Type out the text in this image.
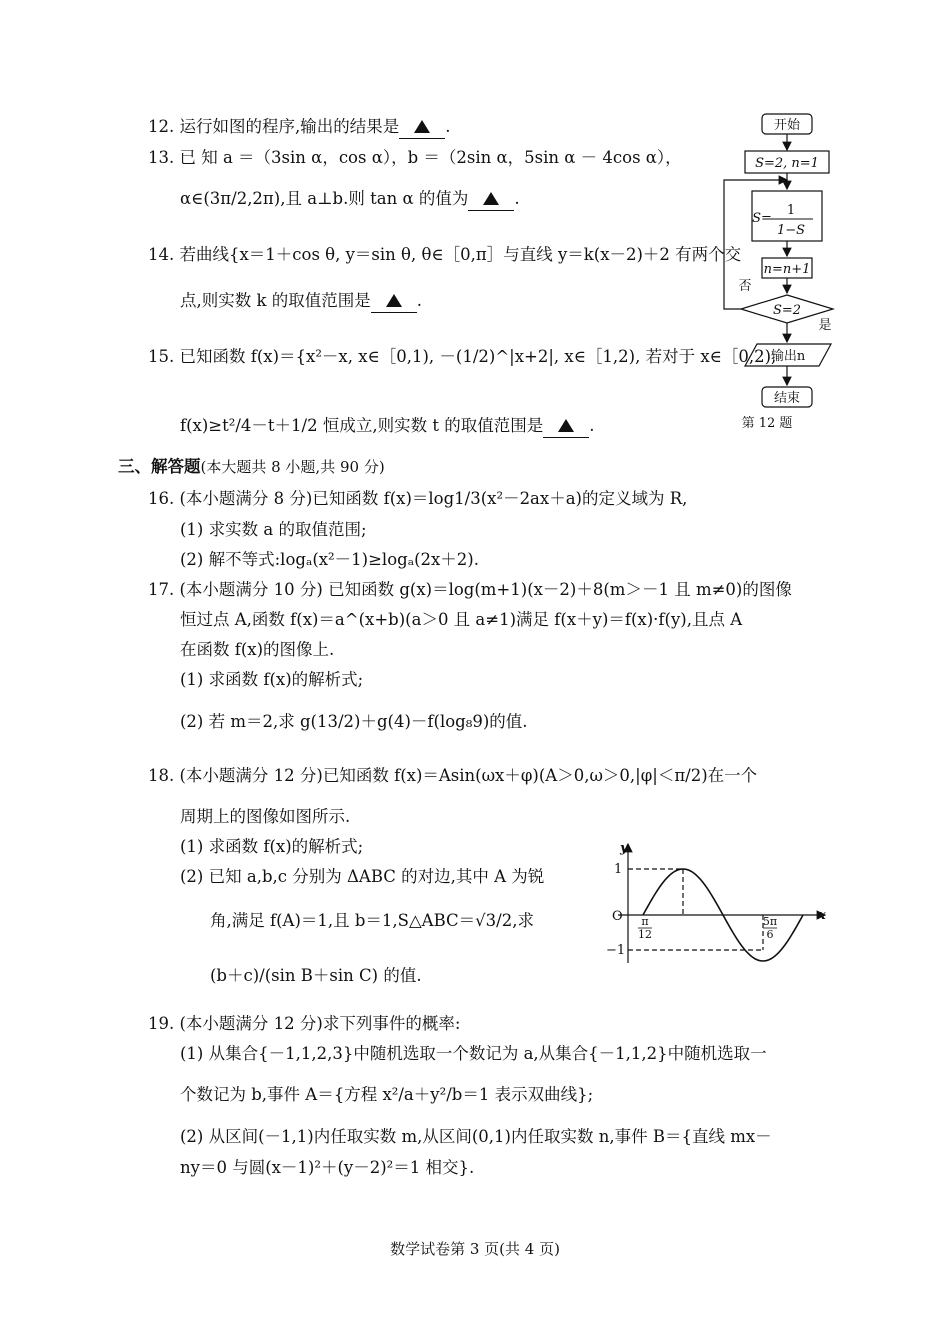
12. 运行如图的程序,输出的结果是	.
13. 已 知 a ＝（3sin α，cos α），b ＝（2sin α，5sin α － 4cos α），
α∈(3π/2,2π),且 a⊥b.则 tan α 的值为	.
14. 若曲线{x＝1＋cos θ, y＝sin θ, θ∈［0,π］与直线 y＝k(x－2)＋2 有两个交
点,则实数 k 的取值范围是	.
15. 已知函数 f(x)＝{x²－x, x∈［0,1), －(1/2)^|x+2|, x∈［1,2), 若对于 x∈［0,2),
f(x)≥t²/4－t＋1/2 恒成立,则实数 t 的取值范围是	.
三、解答题(本大题共 8 小题,共 90 分)
16. (本小题满分 8 分)已知函数 f(x)＝log1/3(x²－2ax＋a)的定义域为 R,
(1) 求实数 a 的取值范围;
(2) 解不等式:logₐ(x²－1)≥logₐ(2x＋2).
17. (本小题满分 10 分) 已知函数 g(x)＝log(m+1)(x－2)＋8(m＞－1 且 m≠0)的图像
恒过点 A,函数 f(x)＝a^(x+b)(a＞0 且 a≠1)满足 f(x＋y)＝f(x)·f(y),且点 A
在函数 f(x)的图像上.
(1) 求函数 f(x)的解析式;
(2) 若 m＝2,求 g(13/2)＋g(4)－f(log₈9)的值.
18. (本小题满分 12 分)已知函数 f(x)＝Asin(ωx＋φ)(A＞0,ω＞0,|φ|＜π/2)在一个
周期上的图像如图所示.
(1) 求函数 f(x)的解析式;
(2) 已知 a,b,c 分别为 ΔABC 的对边,其中 A 为锐
角,满足 f(A)＝1,且 b＝1,S△ABC＝√3/2,求
(b＋c)/(sin B＋sin C) 的值.
19. (本小题满分 12 分)求下列事件的概率:
(1) 从集合{－1,1,2,3}中随机选取一个数记为 a,从集合{－1,1,2}中随机选取一
个数记为 b,事件 A＝{方程 x²/a＋y²/b＝1 表示双曲线};
(2) 从区间(－1,1)内任取实数 m,从区间(0,1)内任取实数 n,事件 B＝{直线 mx－
ny＝0 与圆(x－1)²＋(y－2)²＝1 相交}.
数学试卷第 3 页(共 4 页)
开始
S=2, n=1
S=
1
1−S
n=n+1
S=2
否
是
输出n
结束
第 12 题
y
x
O
1
−1
π
12
5π
6
